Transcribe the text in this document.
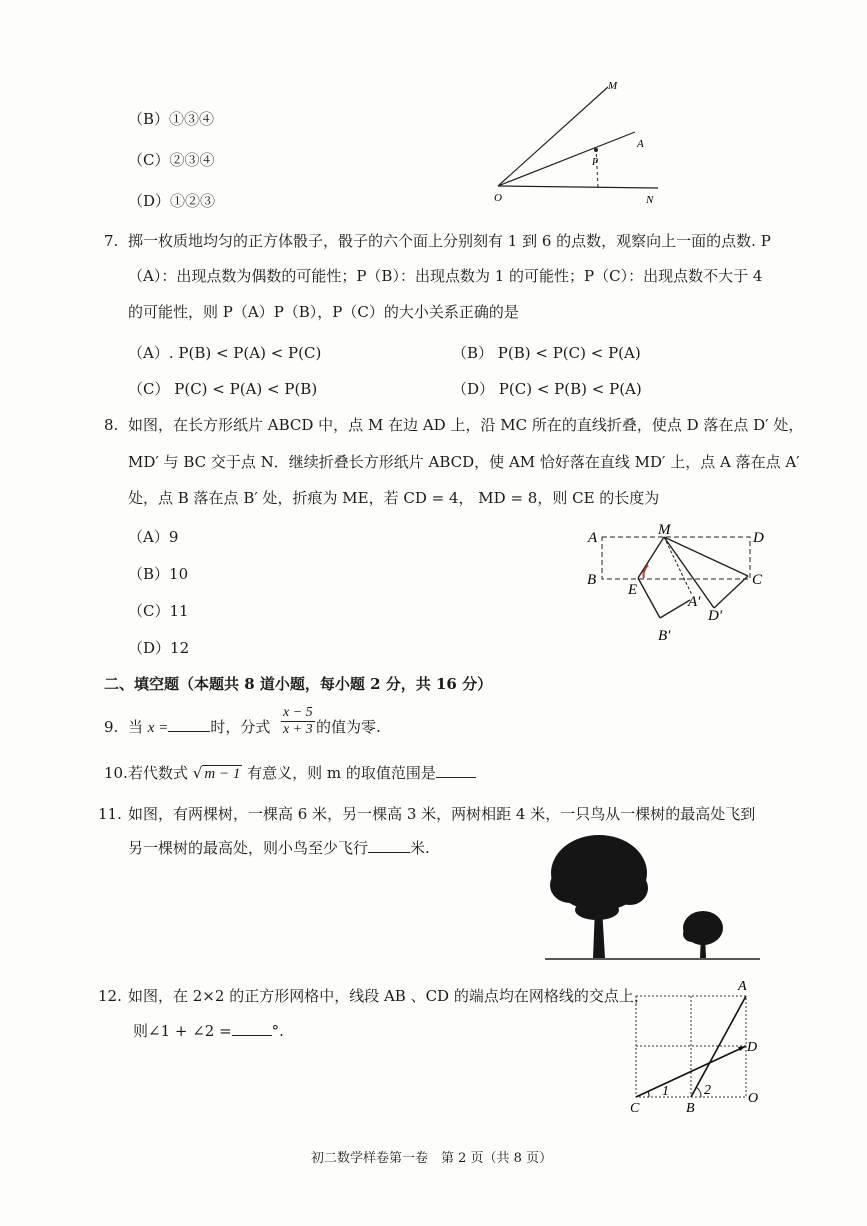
（B）①③④
（C）②③④
（D）①②③
M
A
P
O	N
7. 掷一枚质地均匀的正方体骰子，骰子的六个面上分别刻有 1 到 6 的点数，观察向上一面的点数. P
（A）：出现点数为偶数的可能性；P（B）：出现点数为 1 的可能性；P（C）：出现点数不大于 4
的可能性，则 P（A）P（B），P（C）的大小关系正确的是
（A）. P(B) < P(A) < P(C)	（B） P(B) < P(C) < P(A)
（C） P(C) < P(A) < P(B)	（D） P(C) < P(B) < P(A)
8. 如图，在长方形纸片 ABCD 中，点 M 在边 AD 上，沿 MC 所在的直线折叠，使点 D 落在点 D′ 处，
MD′ 与 BC 交于点 N．继续折叠长方形纸片 ABCD，使 AM 恰好落在直线 MD′ 上，点 A 落在点 A′
处，点 B 落在点 B′ 处，折痕为 ME，若 CD = 4， MD = 8，则 CE 的长度为
（A）9
（B）10
（C）11
（D）12
A	M	D
B	C
E
A′
D′
B′
二、填空题（本题共 8 道小题，每小题 2 分，共 16 分）
9. 当 x =	时，分式 $\frac{x - 5}{x + 3}$ 的值为零.
10. 若代数式 √ m − 1 有意义，则 m 的取值范围是
11. 如图，有两棵树，一棵高 6 米，另一棵高 3 米，两树相距 4 米，一只鸟从一棵树的最高处飞到
另一棵树的最高处，则小鸟至少飞行	米.
12. 如图，在 2×2 的正方形网格中，线段 AB 、CD 的端点均在网格线的交点上，
则∠1 + ∠2 =	°.
A
D
C	B
O
1	2
初二数学样卷第一卷　第 2 页（共 8 页）
